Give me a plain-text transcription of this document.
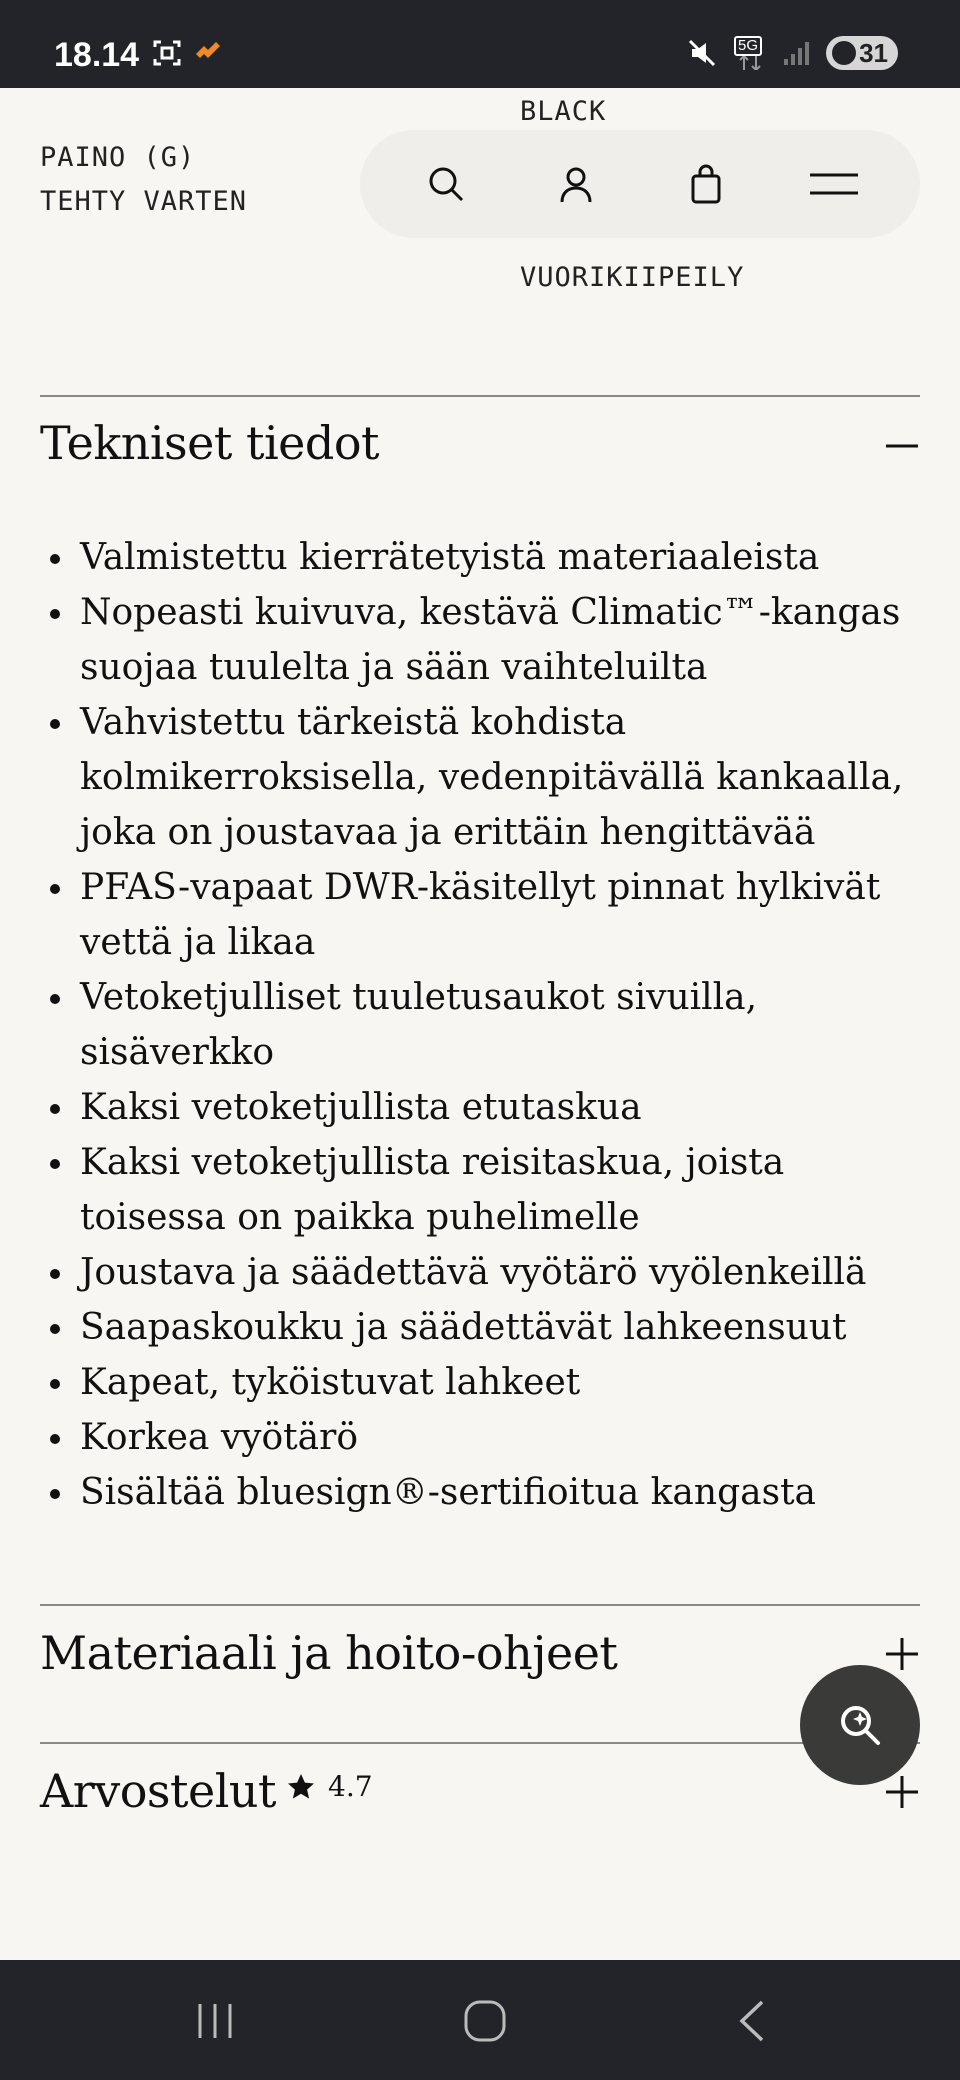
18.14	5G	31
BLACK
PAINO (G)
TEHTY VARTEN
VUORIKIIPEILY
Tekniset tiedot
Valmistettu kierrätetyistä materiaaleista
Nopeasti kuivuva, kestävä Climatic™-kangas suojaa tuulelta ja sään vaihteluilta
Vahvistettu tärkeistä kohdista kolmikerroksisella, vedenpitävällä kankaalla, joka on joustavaa ja erittäin hengittävää
PFAS-vapaat DWR-käsitellyt pinnat hylkivät vettä ja likaa
Vetoketjulliset tuuletusaukot sivuilla, sisäverkko
Kaksi vetoketjullista etutaskua
Kaksi vetoketjullista reisitaskua, joista toisessa on paikka puhelimelle
Joustava ja säädettävä vyötärö vyölenkeillä
Saapaskoukku ja säädettävät lahkeensuut
Kapeat, tyköistuvat lahkeet
Korkea vyötärö
Sisältää bluesign®-sertifioitua kangasta
Materiaali ja hoito-ohjeet
Arvostelut 4.7
